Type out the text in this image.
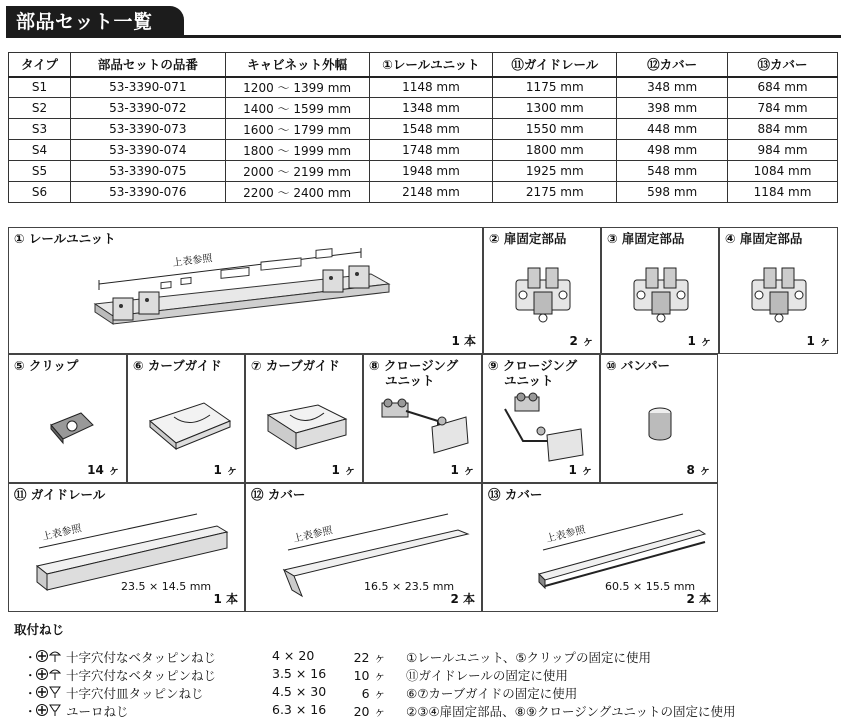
部品セット一覧
タイプ	部品セットの品番	キャビネット外幅	①レールユニット	⑪ガイドレール	⑫カバー	⑬カバー
S1	53-3390-071	1200 〜 1399 mm	1148 mm	1175 mm	348 mm	684 mm
S2	53-3390-072	1400 〜 1599 mm	1348 mm	1300 mm	398 mm	784 mm
S3	53-3390-073	1600 〜 1799 mm	1548 mm	1550 mm	448 mm	884 mm
S4	53-3390-074	1800 〜 1999 mm	1748 mm	1800 mm	498 mm	984 mm
S5	53-3390-075	2000 〜 2199 mm	1948 mm	1925 mm	548 mm	1084 mm
S6	53-3390-076	2200 〜 2400 mm	2148 mm	2175 mm	598 mm	1184 mm
① レールユニット
上表参照
1 本
② 扉固定部品
2 ヶ
③ 扉固定部品
1 ヶ
④ 扉固定部品
1 ヶ
⑤ クリップ
14 ヶ
⑥ カーブガイド
1 ヶ
⑦ カーブガイド
1 ヶ
⑧ クロージング
ユニット
1 ヶ
⑨ クロージング
ユニット
1 ヶ
⑩ バンパー
8 ヶ
⑪ ガイドレール
上表参照
23.5 × 14.5 mm
1 本
⑫ カバー
上表参照
16.5 × 23.5 mm
2 本
⑬ カバー
上表参照
60.5 × 15.5 mm
2 本
取付ねじ
・ 十字穴付なベタッピンねじ	4 × 20	22 ヶ ①レールユニット、⑤クリップの固定に使用
・ 十字穴付なベタッピンねじ	3.5 × 16 10 ヶ ⑪ガイドレールの固定に使用
・ 十字穴付皿タッピンねじ	4.5 × 30	6 ヶ ⑥⑦カーブガイドの固定に使用
・ ユーロねじ	6.3 × 16 20 ヶ ②③④扉固定部品、⑧⑨クロージングユニットの固定に使用
